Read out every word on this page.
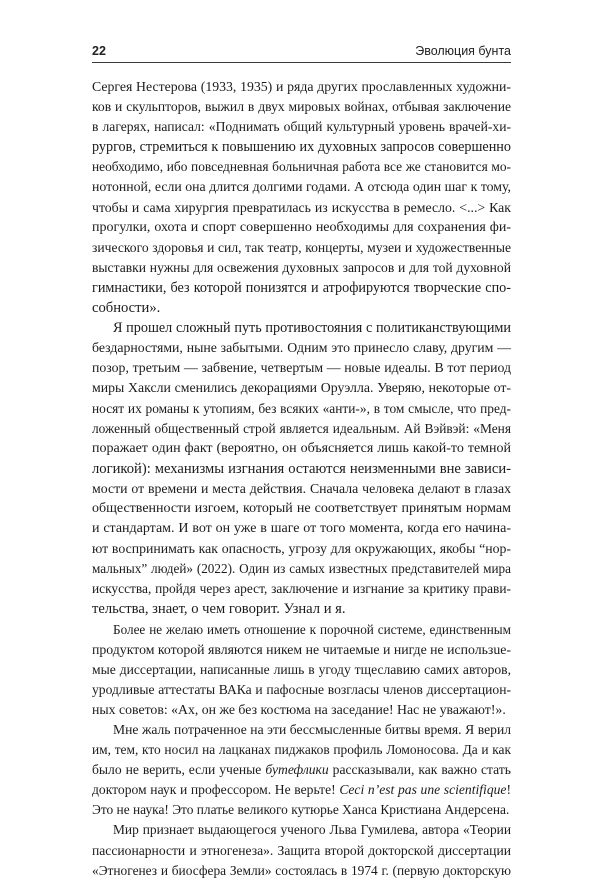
22	Эволюция бунта
Сергея Нестерова (1933, 1935) и ряда других прославленных художни-
ков и скульпторов, выжил в двух мировых войнах, отбывая заключение
в лагерях, написал: «Поднимать общий культурный уровень врачей-хи-
рургов, стремиться к повышению их духовных запросов совершенно
необходимо, ибо повседневная больничная работа все же становится мо-
нотонной, если она длится долгими годами. А отсюда один шаг к тому,
чтобы и сама хирургия превратилась из искусства в ремесло. <...> Как
прогулки, охота и спорт совершенно необходимы для сохранения фи-
зического здоровья и сил, так театр, концерты, музеи и художественные
выставки нужны для освежения духовных запросов и для той духовной
гимнастики, без которой понизятся и атрофируются творческие спо-
собности».
Я прошел сложный путь противостояния с политиканствующими
бездарностями, ныне забытыми. Одним это принесло славу, другим —
позор, третьим — забвение, четвертым — новые идеалы. В тот период
миры Хаксли сменились декорациями Оруэлла. Уверяю, некоторые от-
носят их романы к утопиям, без всяких «анти-», в том смысле, что пред-
ложенный общественный строй является идеальным. Ай Вэйвэй: «Меня
поражает один факт (вероятно, он объясняется лишь какой-то темной
логикой): механизмы изгнания остаются неизменными вне зависи-
мости от времени и места действия. Сначала человека делают в глазах
общественности изгоем, который не соответствует принятым нормам
и стандартам. И вот он уже в шаге от того момента, когда его начина-
ют воспринимать как опасность, угрозу для окружающих, якобы “нор-
мальных” людей» (2022). Один из самых известных представителей мира
искусства, пройдя через арест, заключение и изгнание за критику прави-
тельства, знает, о чем говорит. Узнал и я.
Более не желаю иметь отношение к порочной системе, единственным
продуктом которой являются никем не читаемые и нигде не использue-
мые диссертации, написанные лишь в угоду тщеславию самих авторов,
уродливые аттестаты ВАКа и пафосные возгласы членов диссертацион-
ных советов: «Ах, он же без костюма на заседание! Нас не уважают!».
Мне жаль потраченное на эти бессмысленные битвы время. Я верил
им, тем, кто носил на лацканах пиджаков профиль Ломоносова. Да и как
было не верить, если ученые бутефлики рассказывали, как важно стать
доктором наук и профессором. Не верьте! Ceci n’est pas une scientifique!
Это не наука! Это платье великого кутюрье Ханса Кристиана Андерсена.
Мир признает выдающегося ученого Льва Гумилева, автора «Теории
пассионарности и этногенеза». Защита второй докторской диссертации
«Этногенез и биосфера Земли» состоялась в 1974 г. (первую докторскую
